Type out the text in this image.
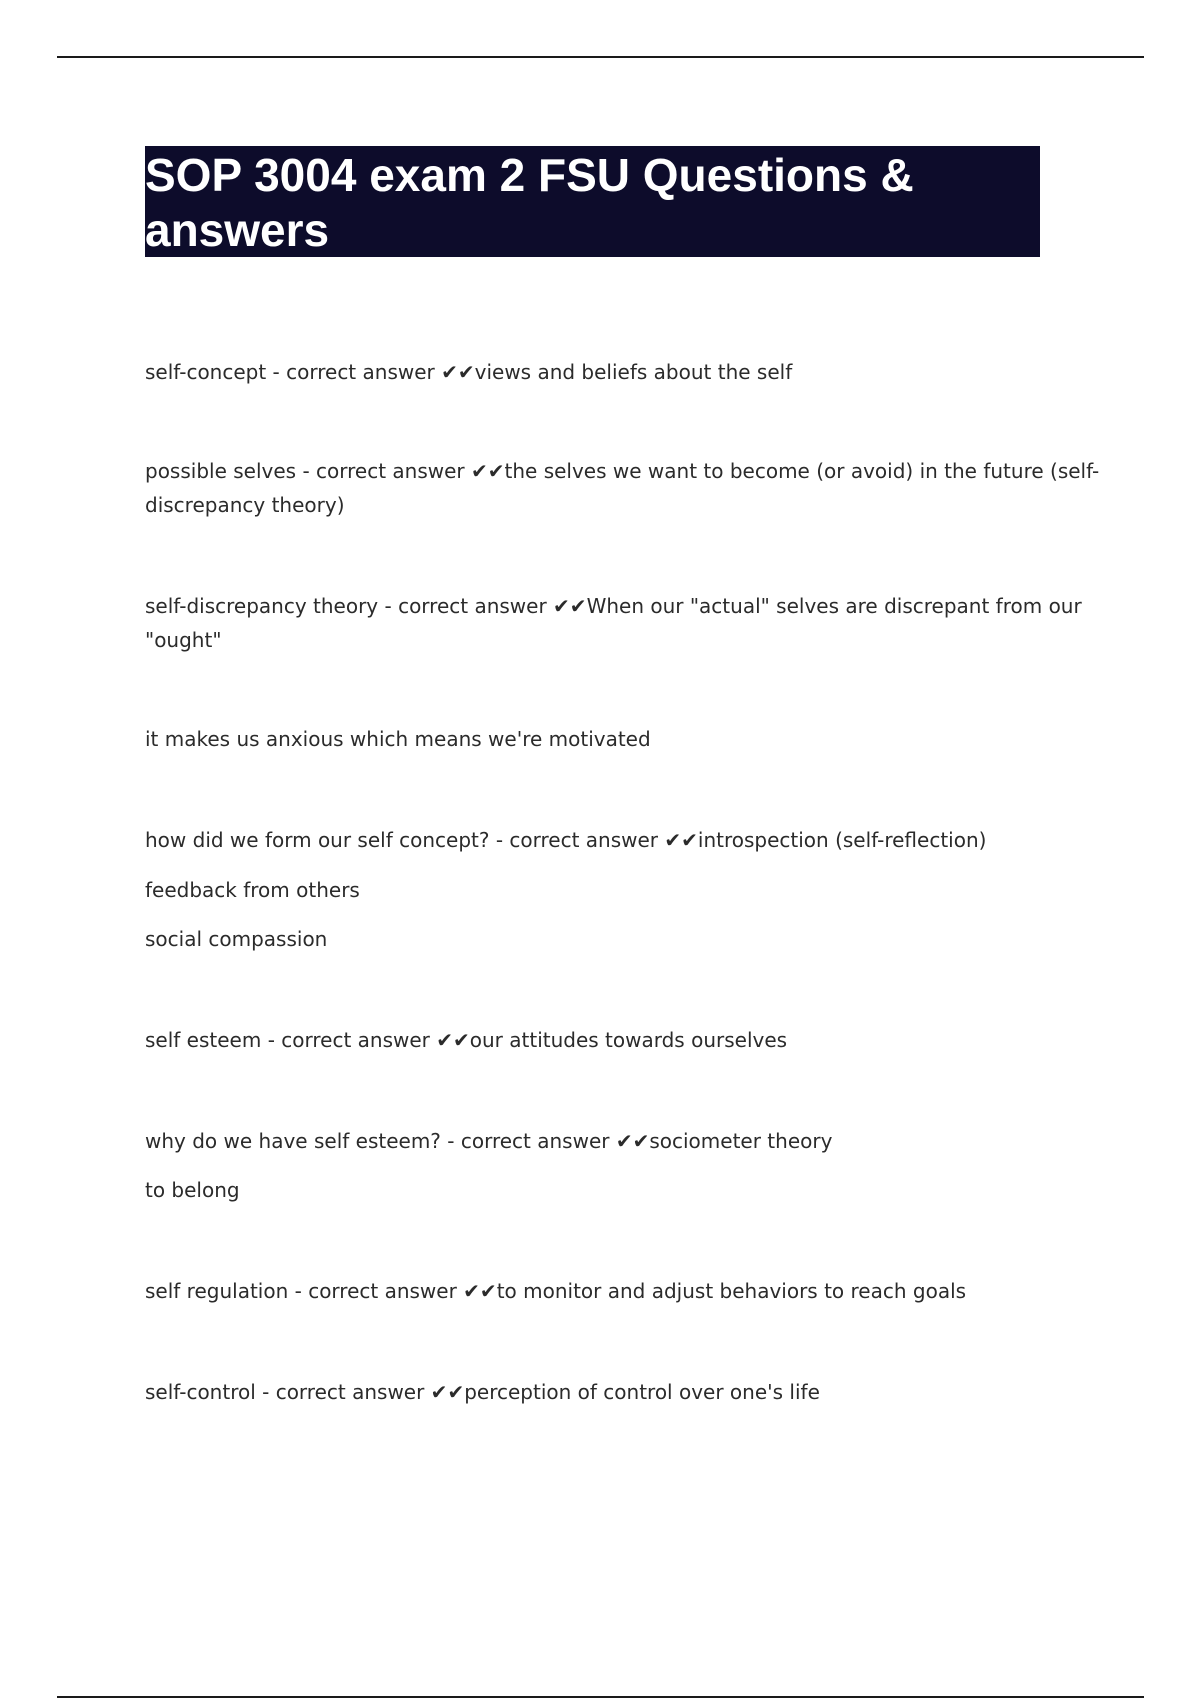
SOP 3004 exam 2 FSU Questions &
answers
self-concept - correct answer ✔✔views and beliefs about the self
possible selves - correct answer ✔✔the selves we want to become (or avoid) in the future (self-
discrepancy theory)
self-discrepancy theory - correct answer ✔✔When our "actual" selves are discrepant from our
"ought"
it makes us anxious which means we're motivated
how did we form our self concept? - correct answer ✔✔introspection (self-reflection)
feedback from others
social compassion
self esteem - correct answer ✔✔our attitudes towards ourselves
why do we have self esteem? - correct answer ✔✔sociometer theory
to belong
self regulation - correct answer ✔✔to monitor and adjust behaviors to reach goals
self-control - correct answer ✔✔perception of control over one's life
